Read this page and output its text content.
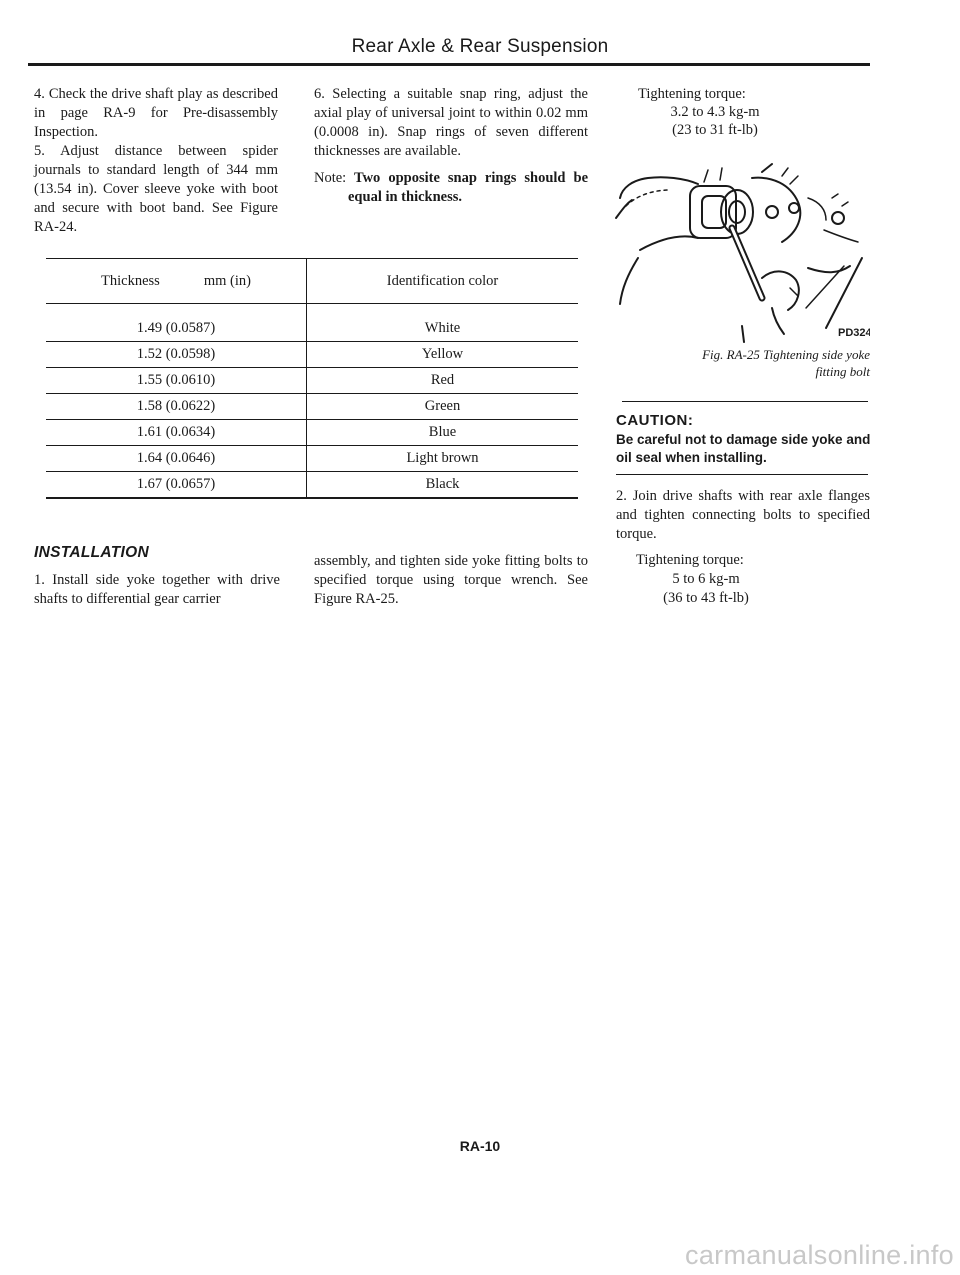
Rear Axle & Rear Suspension

4. Check the drive shaft play as described in page RA-9 for Pre-disassembly Inspection.

5. Adjust distance between spider journals to standard length of 344 mm (13.54 in). Cover sleeve yoke with boot and secure with boot band. See Figure RA-24.

6. Selecting a suitable snap ring, adjust the axial play of universal joint to within 0.02 mm (0.0008 in). Snap rings of seven different thicknesses are available.

Note: Two opposite snap rings should be equal in thickness.

Thickness mm (in)	Identification color

1.49 (0.0587)	White
1.52 (0.0598)	Yellow
1.55 (0.0610)	Red
1.58 (0.0622)	Green
1.61 (0.0634)	Blue
1.64 (0.0646)	Light brown
1.67 (0.0657)	Black
INSTALLATION

1. Install side yoke together with drive shafts to differential gear carrier

assembly, and tighten side yoke fitting bolts to specified torque using torque wrench. See Figure RA-25.

Tightening torque:
3.2 to 4.3 kg-m
(23 to 31 ft-lb)
PD324
Fig. RA-25 Tightening side yoke
fitting bolt
CAUTION:
Be careful not to damage side yoke and oil seal when installing.

2. Join drive shafts with rear axle flanges and tighten connecting bolts to specified torque.

Tightening torque:
5 to 6 kg-m
(36 to 43 ft-lb)
RA-10
carmanualsonline.info
